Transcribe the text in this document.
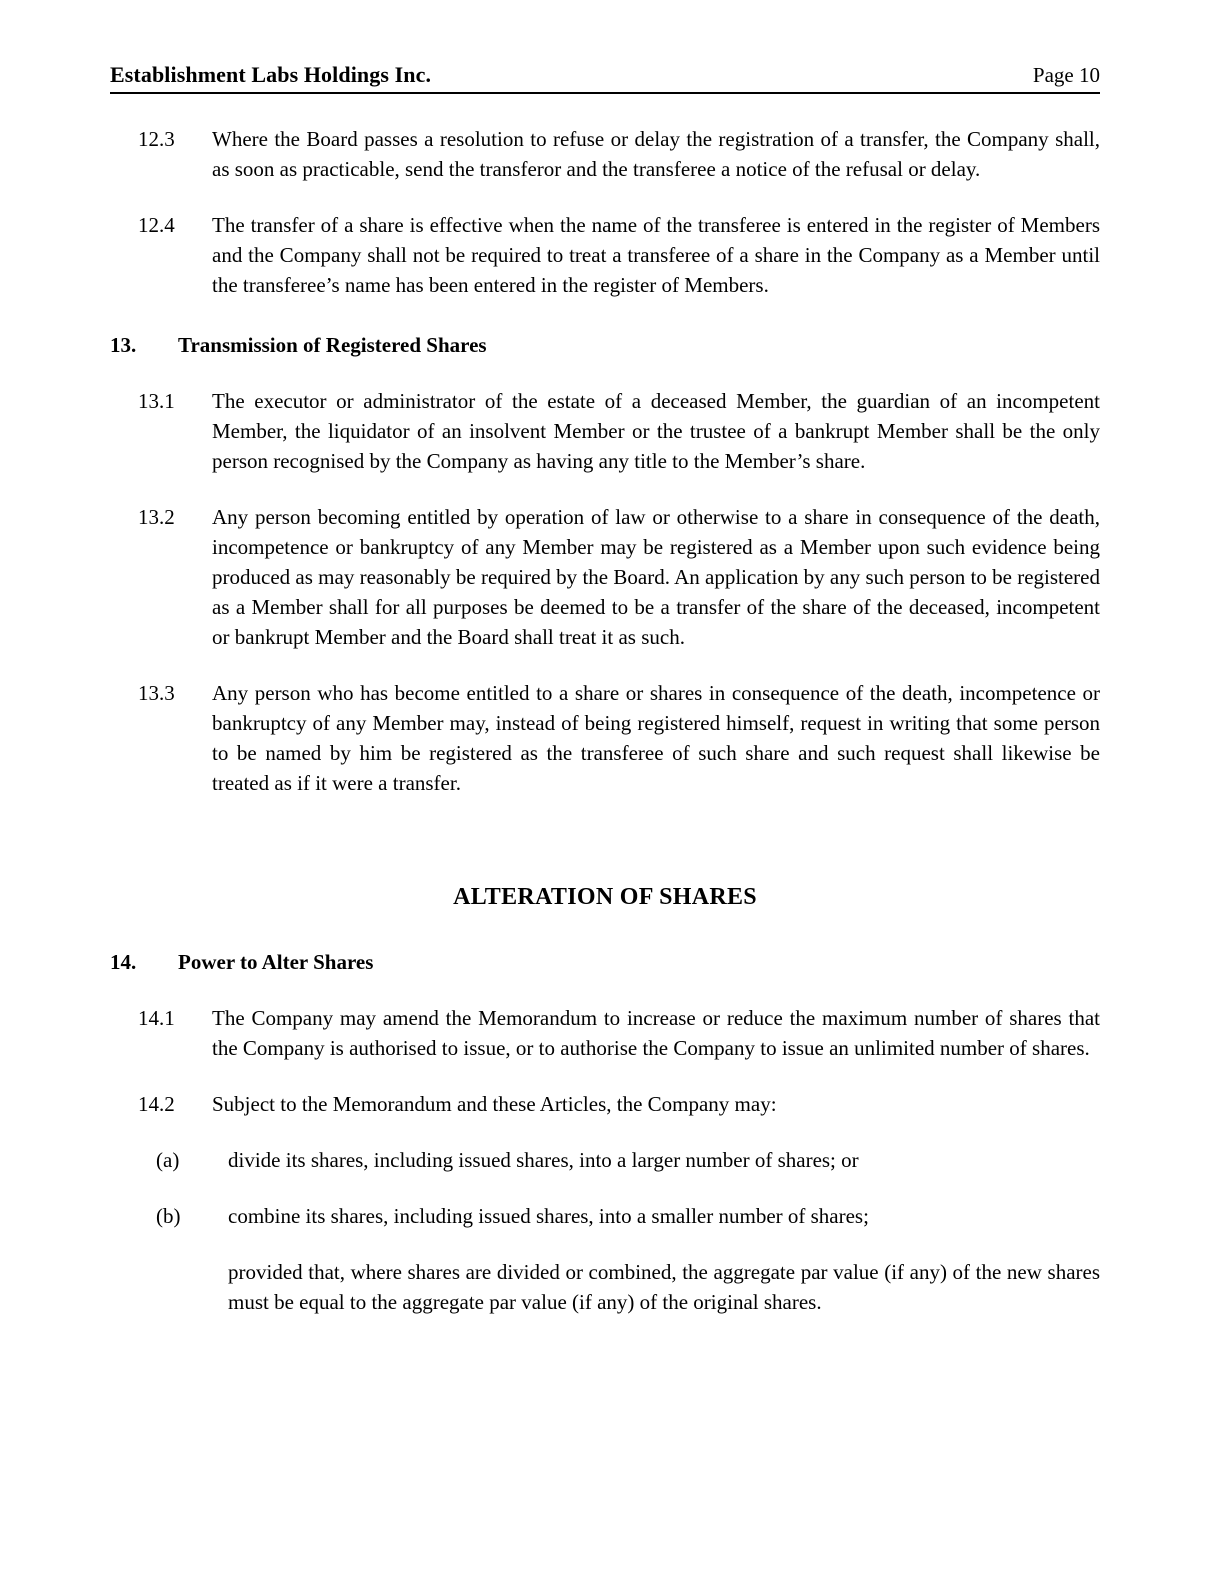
Establishment Labs Holdings Inc.	Page 10
12.3	Where the Board passes a resolution to refuse or delay the registration of a transfer, the Company shall, as soon as practicable, send the transferor and the transferee a notice of the refusal or delay.
12.4	The transfer of a share is effective when the name of the transferee is entered in the register of Members and the Company shall not be required to treat a transferee of a share in the Company as a Member until the transferee’s name has been entered in the register of Members.
13.	Transmission of Registered Shares
13.1	The executor or administrator of the estate of a deceased Member, the guardian of an incompetent Member, the liquidator of an insolvent Member or the trustee of a bankrupt Member shall be the only person recognised by the Company as having any title to the Member’s share.
13.2	Any person becoming entitled by operation of law or otherwise to a share in consequence of the death, incompetence or bankruptcy of any Member may be registered as a Member upon such evidence being produced as may reasonably be required by the Board. An application by any such person to be registered as a Member shall for all purposes be deemed to be a transfer of the share of the deceased, incompetent or bankrupt Member and the Board shall treat it as such.
13.3	Any person who has become entitled to a share or shares in consequence of the death, incompetence or bankruptcy of any Member may, instead of being registered himself, request in writing that some person to be named by him be registered as the transferee of such share and such request shall likewise be treated as if it were a transfer.
ALTERATION OF SHARES
14.	Power to Alter Shares
14.1	The Company may amend the Memorandum to increase or reduce the maximum number of shares that the Company is authorised to issue, or to authorise the Company to issue an unlimited number of shares.
14.2	Subject to the Memorandum and these Articles, the Company may:
(a)	divide its shares, including issued shares, into a larger number of shares; or
(b)	combine its shares, including issued shares, into a smaller number of shares;
provided that, where shares are divided or combined, the aggregate par value (if any) of the new shares must be equal to the aggregate par value (if any) of the original shares.
